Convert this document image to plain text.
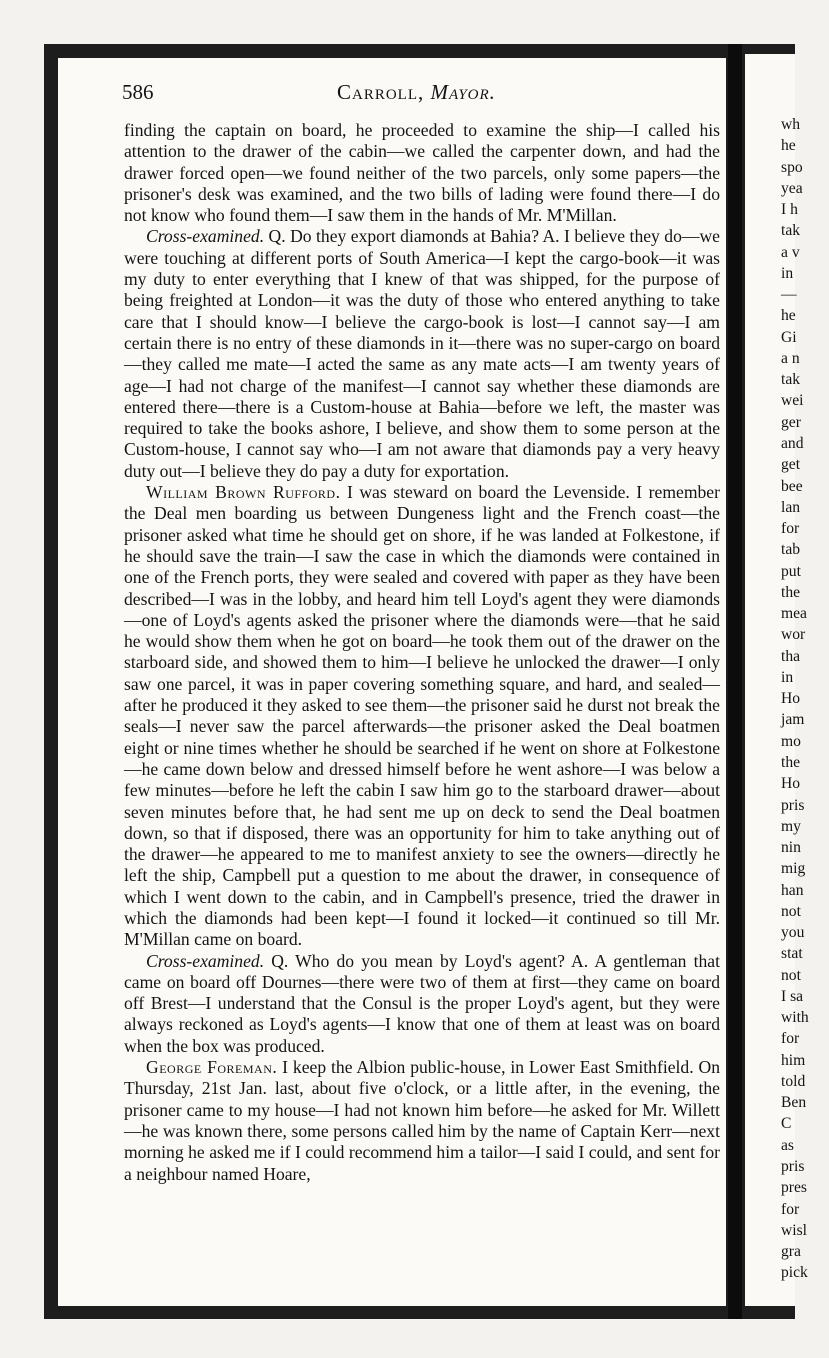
586	Carroll, Mayor.

finding the captain on board, he proceeded to examine the ship—I called his attention to the drawer of the cabin—we called the carpenter down, and had the drawer forced open—we found neither of the two parcels, only some papers—the prisoner's desk was examined, and the two bills of lading were found there—I do not know who found them—I saw them in the hands of Mr. M'Millan.

Cross-examined. Q. Do they export diamonds at Bahia? A. I believe they do—we were touching at different ports of South America—I kept the cargo-book—it was my duty to enter everything that I knew of that was shipped, for the purpose of being freighted at London—it was the duty of those who entered anything to take care that I should know—I believe the cargo-book is lost—I cannot say—I am certain there is no entry of these diamonds in it—there was no super-cargo on board—they called me mate—I acted the same as any mate acts—I am twenty years of age—I had not charge of the manifest—I cannot say whether these diamonds are entered there—there is a Custom-house at Bahia—before we left, the master was required to take the books ashore, I believe, and show them to some person at the Custom-house, I cannot say who—I am not aware that diamonds pay a very heavy duty out—I believe they do pay a duty for exportation.

William Brown Rufford. I was steward on board the Levenside. I remember the Deal men boarding us between Dungeness light and the French coast—the prisoner asked what time he should get on shore, if he was landed at Folkestone, if he should save the train—I saw the case in which the diamonds were contained in one of the French ports, they were sealed and covered with paper as they have been described—I was in the lobby, and heard him tell Loyd's agent they were diamonds—one of Loyd's agents asked the prisoner where the diamonds were—that he said he would show them when he got on board—he took them out of the drawer on the starboard side, and showed them to him—I believe he unlocked the drawer—I only saw one parcel, it was in paper covering something square, and hard, and sealed—after he produced it they asked to see them—the prisoner said he durst not break the seals—I never saw the parcel afterwards—the prisoner asked the Deal boatmen eight or nine times whether he should be searched if he went on shore at Folkestone—he came down below and dressed himself before he went ashore—I was below a few minutes—before he left the cabin I saw him go to the starboard drawer—about seven minutes before that, he had sent me up on deck to send the Deal boatmen down, so that if disposed, there was an opportunity for him to take anything out of the drawer—he appeared to me to manifest anxiety to see the owners—directly he left the ship, Campbell put a question to me about the drawer, in consequence of which I went down to the cabin, and in Campbell's presence, tried the drawer in which the diamonds had been kept—I found it locked—it continued so till Mr. M'Millan came on board.

Cross-examined. Q. Who do you mean by Loyd's agent? A. A gentleman that came on board off Dournes—there were two of them at first—they came on board off Brest—I understand that the Consul is the proper Loyd's agent, but they were always reckoned as Loyd's agents—I know that one of them at least was on board when the box was produced.

George Foreman. I keep the Albion public-house, in Lower East Smithfield. On Thursday, 21st Jan. last, about five o'clock, or a little after, in the evening, the prisoner came to my house—I had not known him before—he asked for Mr. Willett—he was known there, some persons called him by the name of Captain Kerr—next morning he asked me if I could recommend him a tailor—I said I could, and sent for a neighbour named Hoare,

wh
he
spo
yea
I h
tak
a v
in
—
he
Gi
a n
tak
wei
ger
and
get
bee
lan
for
tab
put
the
mea
wor
tha
in
Ho
jam
mo
the
Ho
pris
my
nin
mig
han
not
you
stat
not
I sa
with
for
him
told
Ben
C
as
pris
pres
for
wisl
gra
pick
